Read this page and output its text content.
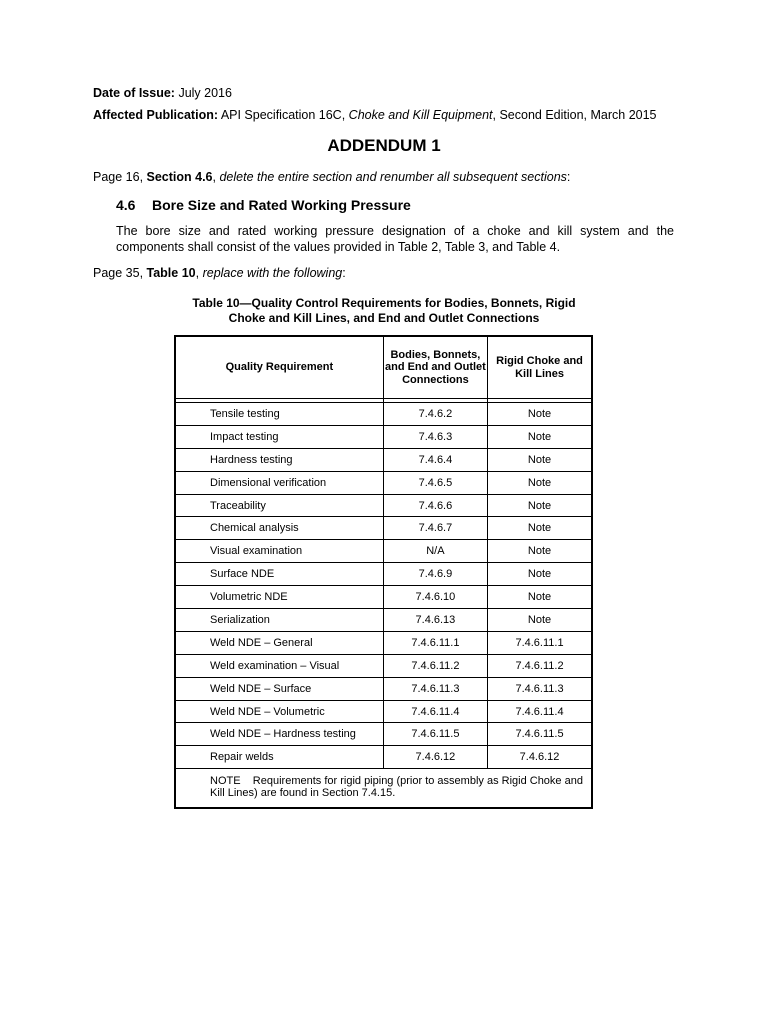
Date of Issue: July 2016
Affected Publication: API Specification 16C, Choke and Kill Equipment, Second Edition, March 2015
ADDENDUM 1
Page 16, Section 4.6, delete the entire section and renumber all subsequent sections:
4.6 Bore Size and Rated Working Pressure
The bore size and rated working pressure designation of a choke and kill system and the components shall consist of the values provided in Table 2, Table 3, and Table 4.
Page 35, Table 10, replace with the following:
Table 10—Quality Control Requirements for Bodies, Bonnets, Rigid
Choke and Kill Lines, and End and Outlet Connections
Quality Requirement	Bodies, Bonnets, and End and Outlet Connections	Rigid Choke and Kill Lines

Tensile testing	7.4.6.2	Note
Impact testing	7.4.6.3	Note
Hardness testing	7.4.6.4	Note
Dimensional verification	7.4.6.5	Note
Traceability	7.4.6.6	Note
Chemical analysis	7.4.6.7	Note
Visual examination	N/A	Note
Surface NDE	7.4.6.9	Note
Volumetric NDE	7.4.6.10	Note
Serialization	7.4.6.13	Note
Weld NDE – General	7.4.6.11.1	7.4.6.11.1
Weld examination – Visual	7.4.6.11.2	7.4.6.11.2
Weld NDE – Surface	7.4.6.11.3	7.4.6.11.3
Weld NDE – Volumetric	7.4.6.11.4	7.4.6.11.4
Weld NDE – Hardness testing	7.4.6.11.5	7.4.6.11.5
Repair welds	7.4.6.12	7.4.6.12
NOTE Requirements for rigid piping (prior to assembly as Rigid Choke and Kill Lines) are found in Section 7.4.15.		
